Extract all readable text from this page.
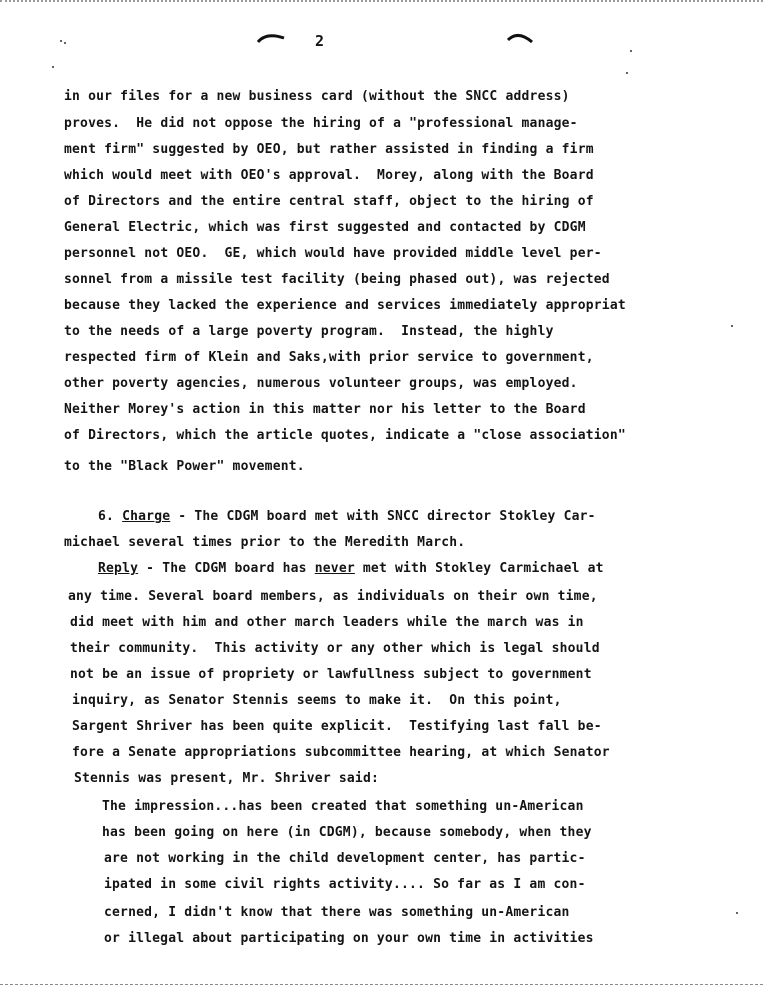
2
in our files for a new business card (without the SNCC address)
proves.  He did not oppose the hiring of a "professional manage-
ment firm" suggested by OEO, but rather assisted in finding a firm
which would meet with OEO's approval.  Morey, along with the Board
of Directors and the entire central staff, object to the hiring of
General Electric, which was first suggested and contacted by CDGM
personnel not OEO.  GE, which would have provided middle level per-
sonnel from a missile test facility (being phased out), was rejected
because they lacked the experience and services immediately appropriat
to the needs of a large poverty program.  Instead, the highly
respected firm of Klein and Saks,with prior service to government,
other poverty agencies, numerous volunteer groups, was employed.
Neither Morey's action in this matter nor his letter to the Board
of Directors, which the article quotes, indicate a "close association"
to the "Black Power" movement.
6. Charge - The CDGM board met with SNCC director Stokley Car-
michael several times prior to the Meredith March.
Reply - The CDGM board has never met with Stokley Carmichael at
any time. Several board members, as individuals on their own time,
did meet with him and other march leaders while the march was in
their community.  This activity or any other which is legal should
not be an issue of propriety or lawfullness subject to government
inquiry, as Senator Stennis seems to make it.  On this point,
Sargent Shriver has been quite explicit.  Testifying last fall be-
fore a Senate appropriations subcommittee hearing, at which Senator
Stennis was present, Mr. Shriver said:
The impression...has been created that something un-American
has been going on here (in CDGM), because somebody, when they
are not working in the child development center, has partic-
ipated in some civil rights activity.... So far as I am con-
cerned, I didn't know that there was something un-American
or illegal about participating on your own time in activities
